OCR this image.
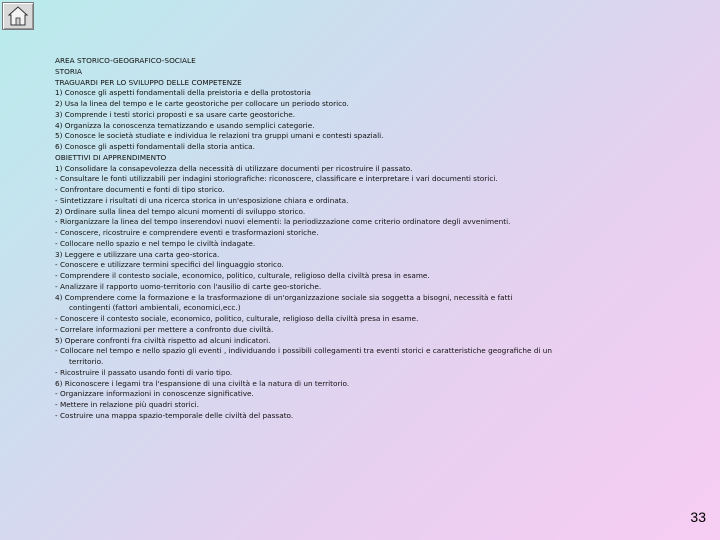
AREA STORICO-GEOGRAFICO-SOCIALE
STORIA
TRAGUARDI PER LO SVILUPPO DELLE COMPETENZE
1) Conosce gli aspetti fondamentali della preistoria e della protostoria
2) Usa la linea del tempo e le carte geostoriche per collocare un periodo storico.
3) Comprende i testi storici proposti e sa usare carte geostoriche.
4) Organizza la conoscenza tematizzando e usando semplici categorie.
5) Conosce le società studiate e individua le relazioni tra gruppi umani e contesti spaziali.
6) Conosce gli aspetti fondamentali della storia antica.
OBIETTIVI DI APPRENDIMENTO
1) Consolidare la consapevolezza della necessità di utilizzare documenti per ricostruire il passato.
- Consultare le fonti utilizzabili per indagini storiografiche: riconoscere, classificare e interpretare i vari documenti storici.
- Confrontare documenti e fonti di tipo storico.
- Sintetizzare i risultati di una ricerca storica in un'esposizione chiara e ordinata.
2) Ordinare sulla linea del tempo alcuni momenti di sviluppo storico.
- Riorganizzare la linea del tempo inserendovi nuovi elementi: la periodizzazione come criterio ordinatore degli avvenimenti.
- Conoscere, ricostruire e comprendere eventi e trasformazioni storiche.
- Collocare nello spazio e nel tempo le civiltà indagate.
3) Leggere e utilizzare una carta geo-storica.
- Conoscere e utilizzare termini specifici del linguaggio storico.
- Comprendere il contesto sociale, economico, politico, culturale, religioso della civiltà presa in esame.
- Analizzare il rapporto uomo-territorio con l'ausilio di carte geo-storiche.
4) Comprendere come la formazione e la trasformazione di un'organizzazione sociale sia soggetta a bisogni, necessità e fatti contingenti (fattori ambientali, economici,ecc.)
- Conoscere il contesto sociale, economico, politico, culturale, religioso della civiltà presa in esame.
- Correlare informazioni per mettere a confronto due civiltà.
5) Operare confronti fra civiltà rispetto ad alcuni indicatori.
- Collocare nel tempo e nello spazio gli eventi , individuando i possibili collegamenti tra eventi storici e caratteristiche geografiche di un territorio.
- Ricostruire il passato usando fonti di vario tipo.
6) Riconoscere i legami tra l'espansione di una civiltà e la natura di un territorio.
- Organizzare informazioni in conoscenze significative.
- Mettere in relazione più quadri storici.
- Costruire una mappa spazio-temporale delle civiltà del passato.
33
